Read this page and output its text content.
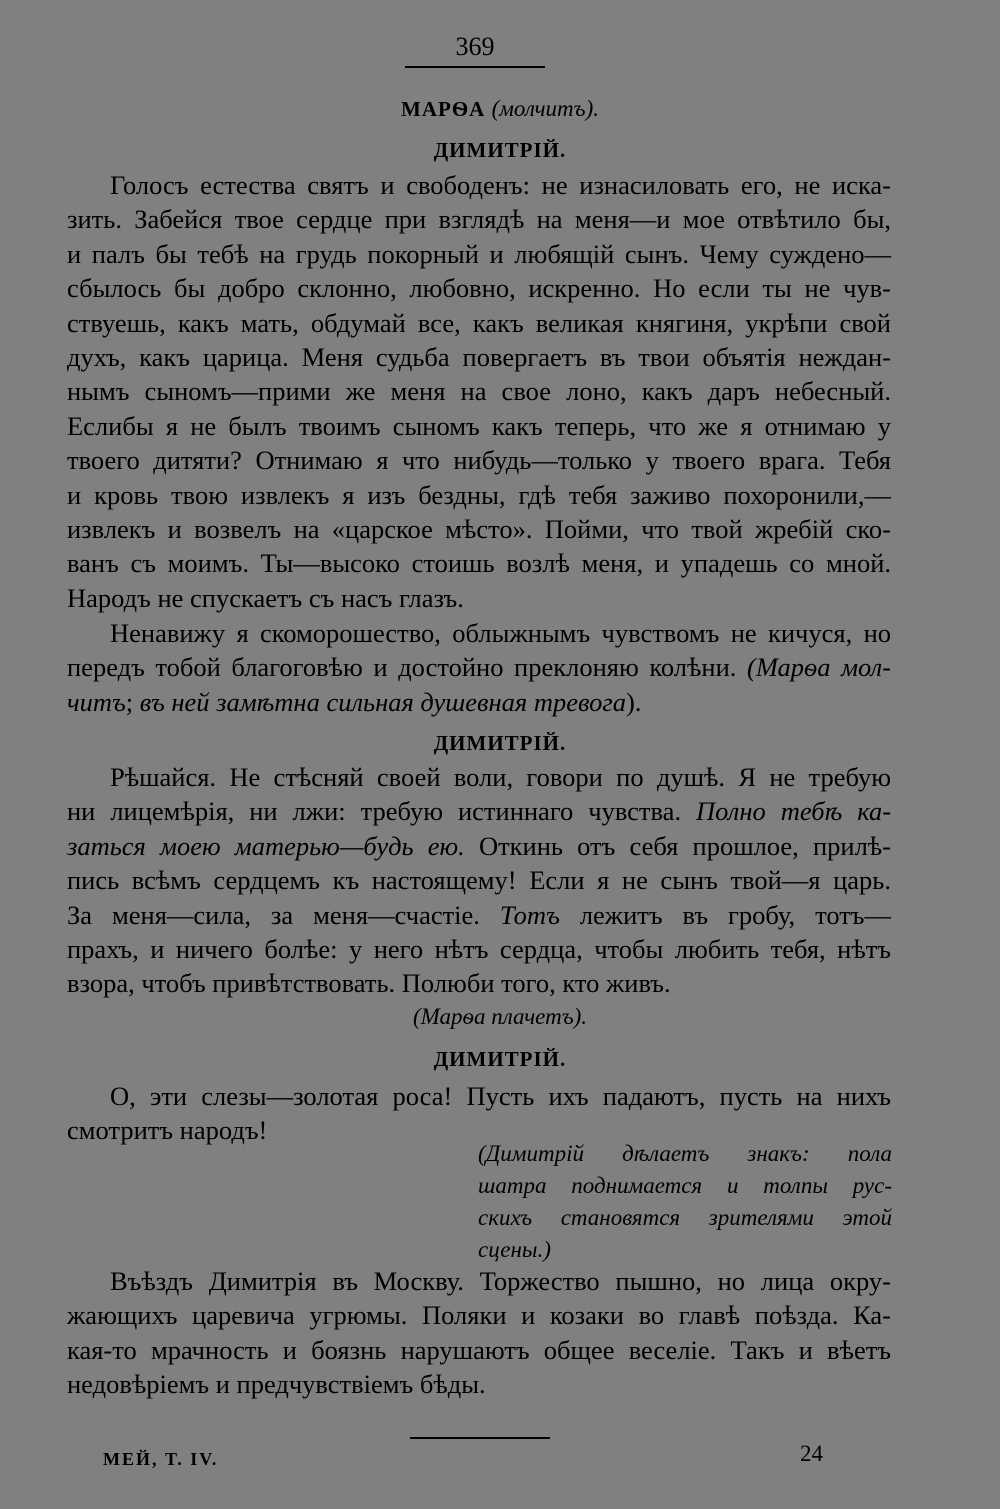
369
МАРѲА (молчитъ).
ДИМИТРІЙ.
Голосъ естества святъ и свободенъ: не изнасиловать его, не иска-
зить. Забейся твое сердце при взглядѣ на меня—и мое отвѣтило бы,
и палъ бы тебѣ на грудь покорный и любящій сынъ. Чему суждено—
сбылось бы добро склонно, любовно, искренно. Но если ты не чув-
ствуешь, какъ мать, обдумай все, какъ великая княгиня, укрѣпи свой
духъ, какъ царица. Меня судьба повергаетъ въ твои объятія неждан-
нымъ сыномъ—прими же меня на свое лоно, какъ даръ небесный.
Еслибы я не былъ твоимъ сыномъ какъ теперь, что же я отнимаю у
твоего дитяти? Отнимаю я что нибудь—только у твоего врага. Тебя
и кровь твою извлекъ я изъ бездны, гдѣ тебя заживо похоронили,—
извлекъ и возвелъ на «царское мѣсто». Пойми, что твой жребій ско-
ванъ съ моимъ. Ты—высоко стоишь возлѣ меня, и упадешь со мной.
Народъ не спускаетъ съ насъ глазъ.
Ненавижу я скоморошество, облыжнымъ чувствомъ не кичуся, но
передъ тобой благоговѣю и достойно преклоняю колѣни. (Марѳа мол-
читъ; въ ней замѣтна сильная душевная тревога).
ДИМИТРІЙ.
Рѣшайся. Не стѣсняй своей воли, говори по душѣ. Я не требую
ни лицемѣрія, ни лжи: требую истиннаго чувства. Полно тебѣ ка-
заться моею матерью—будь ею. Откинь отъ себя прошлое, прилѣ-
пись всѣмъ сердцемъ къ настоящему! Если я не сынъ твой—я царь.
За меня—сила, за меня—счастіе. Тотъ лежитъ въ гробу, тотъ—
прахъ, и ничего болѣе: у него нѣтъ сердца, чтобы любить тебя, нѣтъ
взора, чтобъ привѣтствовать. Полюби того, кто живъ.
(Марѳа плачетъ).
ДИМИТРІЙ.
О, эти слезы—золотая роса! Пусть ихъ падаютъ, пусть на нихъ
смотритъ народъ!
(Димитрій дѣлаетъ знакъ: пола
шатра поднимается и толпы рус-
скихъ становятся зрителями этой
сцены.)
Въѣздъ Димитрія въ Москву. Торжество пышно, но лица окру-
жающихъ царевича угрюмы. Поляки и козаки во главѣ поѣзда. Ка-
кая-то мрачность и боязнь нарушаютъ общее веселіе. Такъ и вѣетъ
недовѣріемъ и предчувствіемъ бѣды.
МЕЙ, Т. IV.	24
